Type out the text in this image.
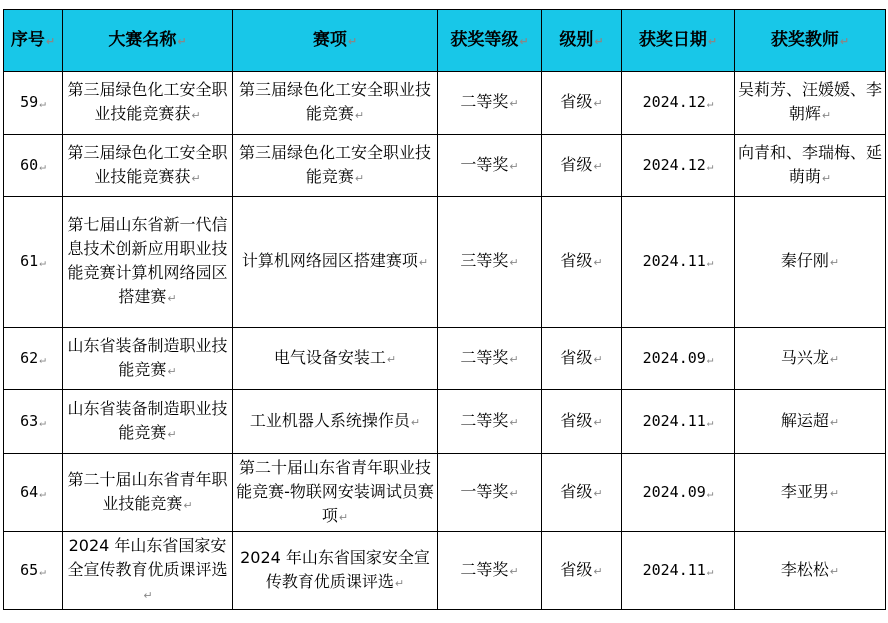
序号↵	大赛名称↵	赛项↵	获奖等级↵	级别↵	获奖日期↵	获奖教师↵
59↵	第三届绿色化工安全职业技能竞赛获↵	第三届绿色化工安全职业技能竞赛↵	二等奖↵	省级↵	2024.12↵	吴莉芳、汪媛媛、李朝辉↵
60↵	第三届绿色化工安全职业技能竞赛获↵	第三届绿色化工安全职业技能竞赛↵	一等奖↵	省级↵	2024.12↵	向青和、李瑞梅、延萌萌↵
61↵	第七届山东省新一代信息技术创新应用职业技能竞赛计算机网络园区搭建赛↵	计算机网络园区搭建赛项↵	三等奖↵	省级↵	2024.11↵	秦仔刚↵
62↵	山东省装备制造职业技能竞赛↵	电气设备安装工↵	二等奖↵	省级↵	2024.09↵	马兴龙↵
63↵	山东省装备制造职业技能竞赛↵	工业机器人系统操作员↵	二等奖↵	省级↵	2024.11↵	解运超↵
64↵	第二十届山东省青年职业技能竞赛↵	第二十届山东省青年职业技能竞赛-物联网安装调试员赛项↵	一等奖↵	省级↵	2024.09↵	李亚男↵
65↵	2024 年山东省国家安全宣传教育优质课评选↵	2024 年山东省国家安全宣传教育优质课评选↵	二等奖↵	省级↵	2024.11↵	李松松↵
